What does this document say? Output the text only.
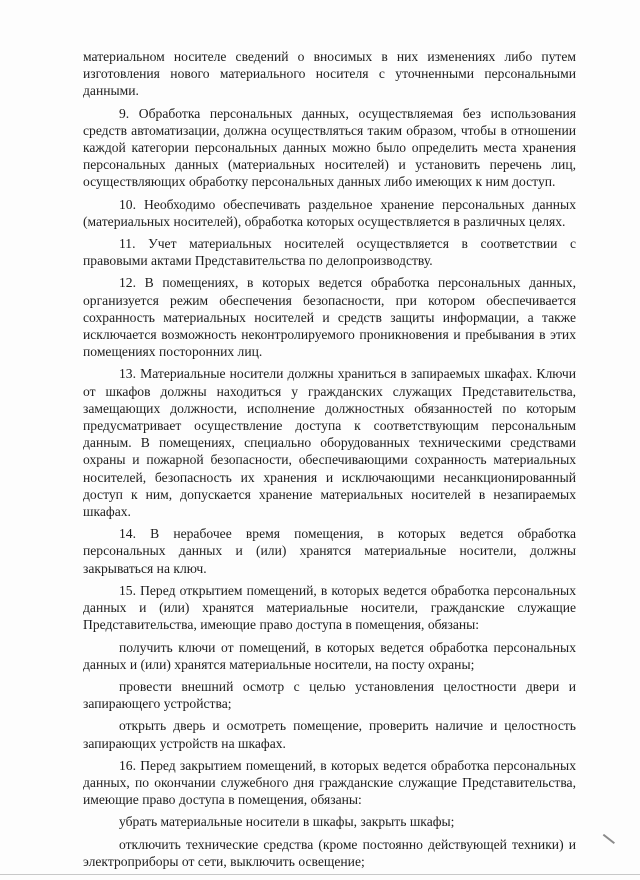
материальном носителе сведений о вносимых в них изменениях либо путем изготовления нового материального носителя с уточненными персональными данными.

9. Обработка персональных данных, осуществляемая без использования средств автоматизации, должна осуществляться таким образом, чтобы в отношении каждой категории персональных данных можно было определить места хранения персональных данных (материальных носителей) и установить перечень лиц, осуществляющих обработку персональных данных либо имеющих к ним доступ.

10. Необходимо обеспечивать раздельное хранение персональных данных (материальных носителей), обработка которых осуществляется в различных целях.

11. Учет материальных носителей осуществляется в соответствии с правовыми актами Представительства по делопроизводству.

12. В помещениях, в которых ведется обработка персональных данных, организуется режим обеспечения безопасности, при котором обеспечивается сохранность материальных носителей и средств защиты информации, а также исключается возможность неконтролируемого проникновения и пребывания в этих помещениях посторонних лиц.

13. Материальные носители должны храниться в запираемых шкафах. Ключи от шкафов должны находиться у гражданских служащих Представительства, замещающих должности, исполнение должностных обязанностей по которым предусматривает осуществление доступа к соответствующим персональным данным. В помещениях, специально оборудованных техническими средствами охраны и пожарной безопасности, обеспечивающими сохранность материальных носителей, безопасность их хранения и исключающими несанкционированный доступ к ним, допускается хранение материальных носителей в незапираемых шкафах.

14. В нерабочее время помещения, в которых ведется обработка персональных данных и (или) хранятся материальные носители, должны закрываться на ключ.

15. Перед открытием помещений, в которых ведется обработка персональных данных и (или) хранятся материальные носители, гражданские служащие Представительства, имеющие право доступа в помещения, обязаны:

получить ключи от помещений, в которых ведется обработка персональных данных и (или) хранятся материальные носители, на посту охраны;

провести внешний осмотр с целью установления целостности двери и запирающего устройства;

открыть дверь и осмотреть помещение, проверить наличие и целостность запирающих устройств на шкафах.

16. Перед закрытием помещений, в которых ведется обработка персональных данных, по окончании служебного дня гражданские служащие Представительства, имеющие право доступа в помещения, обязаны:

убрать материальные носители в шкафы, закрыть шкафы;

отключить технические средства (кроме постоянно действующей техники) и электроприборы от сети, выключить освещение;
